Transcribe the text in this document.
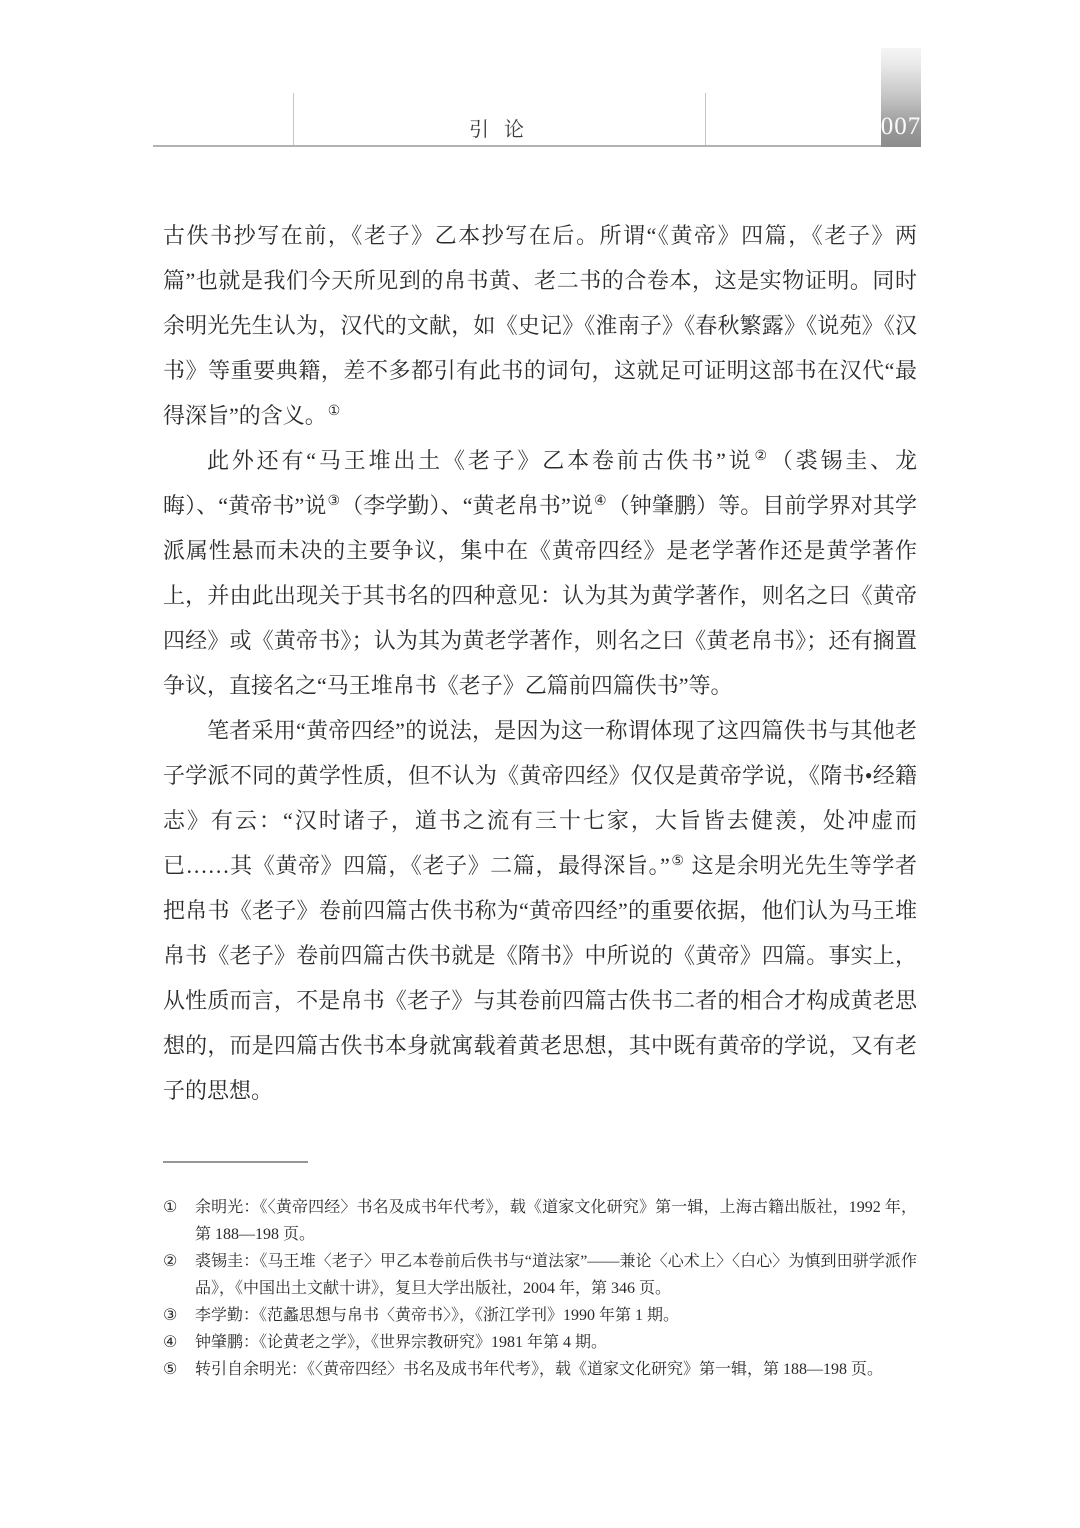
引 论	007

古佚书抄写在前，《老子》乙本抄写在后。所谓“《黄帝》四篇，《老子》两篇”也就是我们今天所见到的帛书黄、老二书的合卷本，这是实物证明。同时余明光先生认为，汉代的文献，如《史记》《淮南子》《春秋繁露》《说苑》《汉书》等重要典籍，差不多都引有此书的词句，这就足可证明这部书在汉代“最得深旨”的含义。①

此外还有“马王堆出土《老子》乙本卷前古佚书”说②（裘锡圭、龙晦）、“黄帝书”说③（李学勤）、“黄老帛书”说④（钟肇鹏）等。目前学界对其学派属性悬而未决的主要争议，集中在《黄帝四经》是老学著作还是黄学著作上，并由此出现关于其书名的四种意见：认为其为黄学著作，则名之曰《黄帝四经》或《黄帝书》；认为其为黄老学著作，则名之曰《黄老帛书》；还有搁置争议，直接名之“马王堆帛书《老子》乙篇前四篇佚书”等。

笔者采用“黄帝四经”的说法，是因为这一称谓体现了这四篇佚书与其他老子学派不同的黄学性质，但不认为《黄帝四经》仅仅是黄帝学说，《隋书•经籍志》有云：“汉时诸子，道书之流有三十七家，大旨皆去健羡，处冲虚而已……其《黄帝》四篇，《老子》二篇，最得深旨。”⑤ 这是余明光先生等学者把帛书《老子》卷前四篇古佚书称为“黄帝四经”的重要依据，他们认为马王堆帛书《老子》卷前四篇古佚书就是《隋书》中所说的《黄帝》四篇。事实上，从性质而言，不是帛书《老子》与其卷前四篇古佚书二者的相合才构成黄老思想的，而是四篇古佚书本身就寓载着黄老思想，其中既有黄帝的学说，又有老子的思想。

①	余明光：《〈黄帝四经〉书名及成书年代考》，载《道家文化研究》第一辑，上海古籍出版社，1992 年，第 188—198 页。
②	裘锡圭：《马王堆〈老子〉甲乙本卷前后佚书与“道法家”——兼论〈心术上〉〈白心〉为慎到田骈学派作品》，《中国出土文献十讲》，复旦大学出版社，2004 年，第 346 页。
③	李学勤：《范蠡思想与帛书〈黄帝书〉》，《浙江学刊》1990 年第 1 期。
④	钟肇鹏：《论黄老之学》，《世界宗教研究》1981 年第 4 期。
⑤	转引自余明光：《〈黄帝四经〉书名及成书年代考》，载《道家文化研究》第一辑，第 188—198 页。
